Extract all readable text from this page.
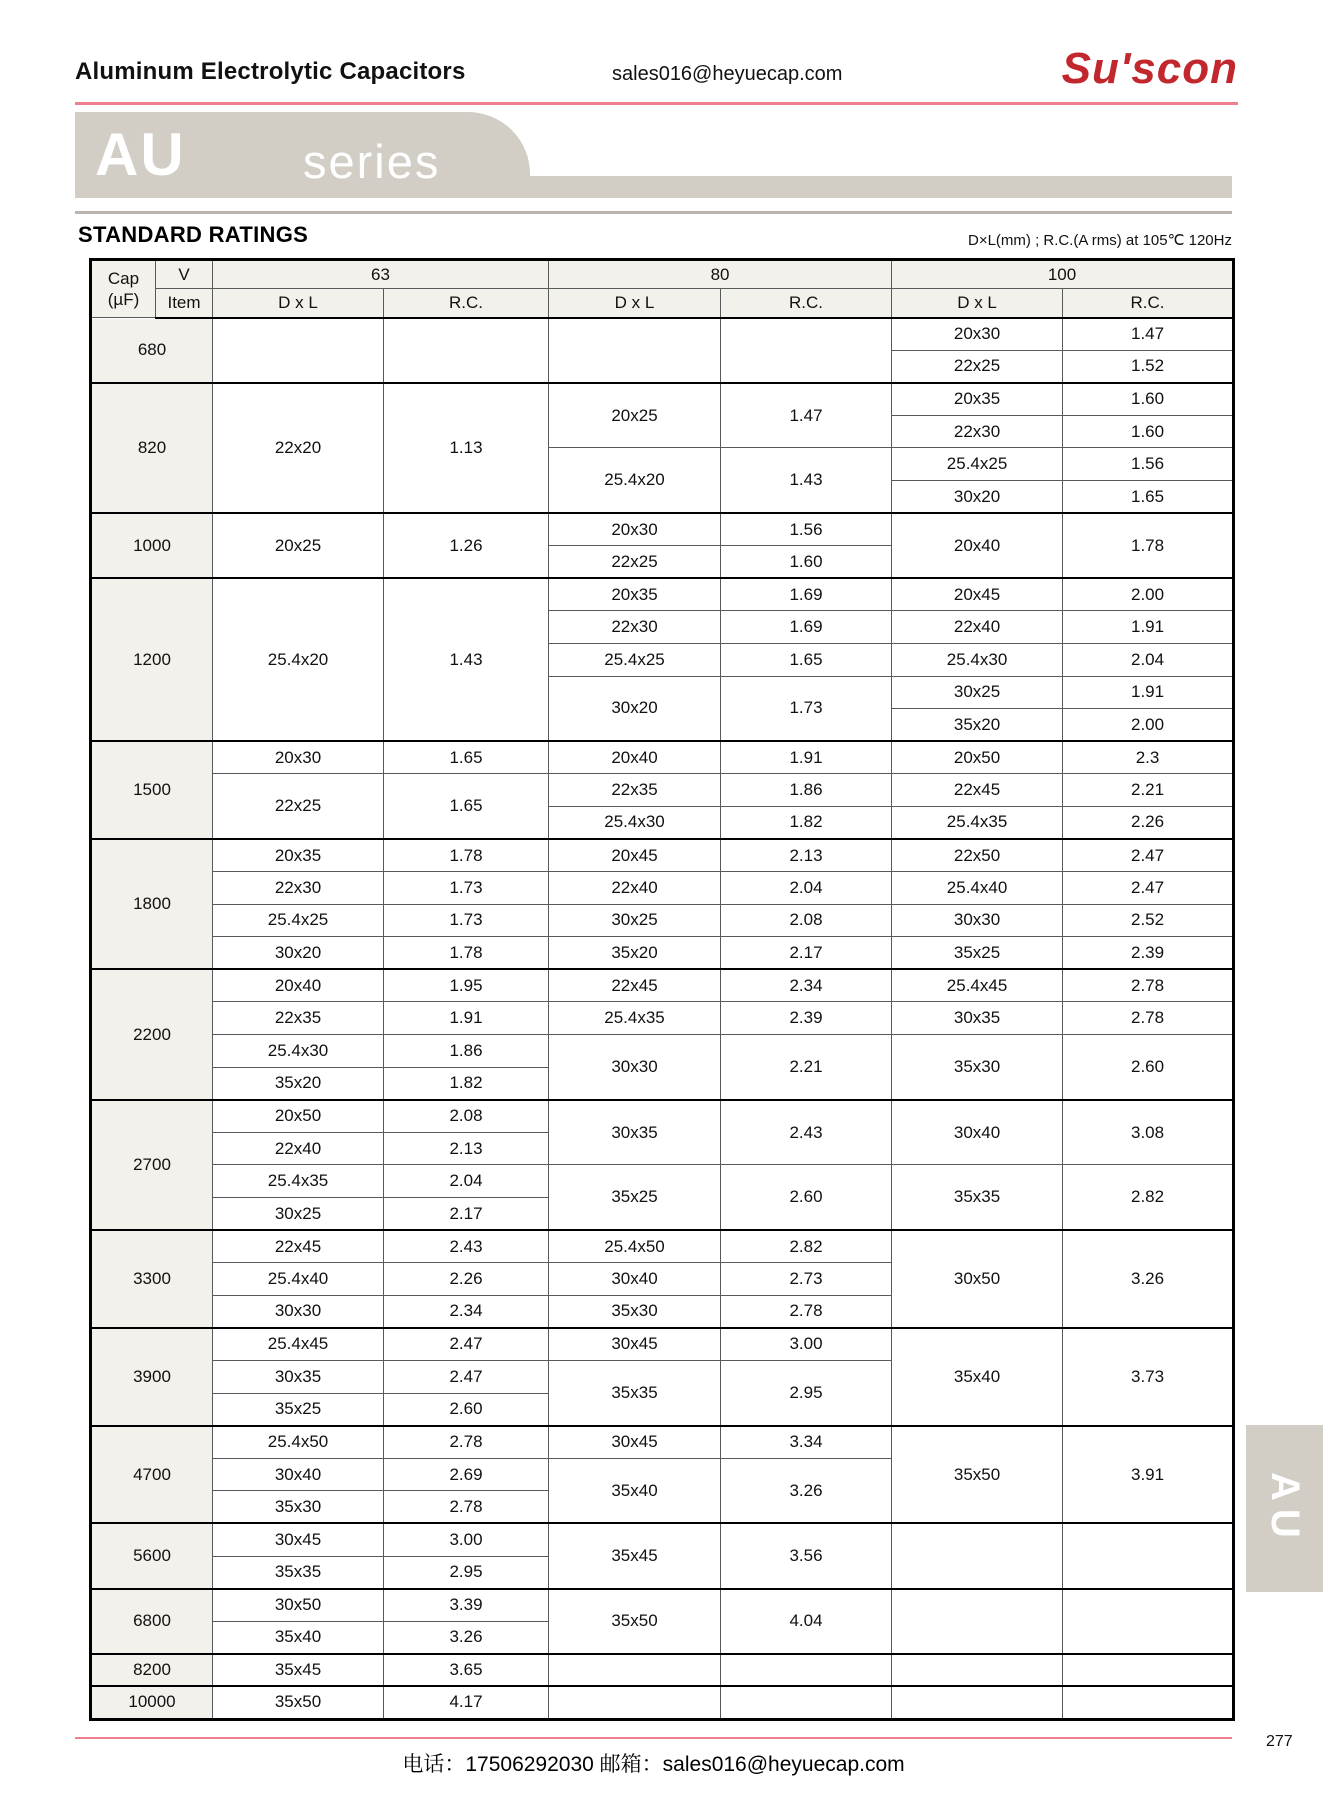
Aluminum Electrolytic Capacitors	sales016@heyuecap.com	Su'scon
AU series
STANDARD RATINGS	D×L(mm) ; R.C.(A rms) at 105℃ 120Hz
Cap
(µF)	V	63		80		100	
	Item	D x L	R.C.	D x L	R.C.	D x L	R.C.
680						20x30	1.47
						22x25	1.52
820		22x20	1.13	20x25	1.47	20x35	1.60
						22x30	1.60
				25.4x20	1.43	25.4x25	1.56
						30x20	1.65
1000		20x25	1.26	20x30	1.56	20x40	1.78
				22x25	1.60		
1200		25.4x20	1.43	20x35	1.69	20x45	2.00
				22x30	1.69	22x40	1.91
				25.4x25	1.65	25.4x30	2.04
				30x20	1.73	30x25	1.91
						35x20	2.00
1500		20x30	1.65	20x40	1.91	20x50	2.3
		22x25	1.65	22x35	1.86	22x45	2.21
				25.4x30	1.82	25.4x35	2.26
1800		20x35	1.78	20x45	2.13	22x50	2.47
		22x30	1.73	22x40	2.04	25.4x40	2.47
		25.4x25	1.73	30x25	2.08	30x30	2.52
		30x20	1.78	35x20	2.17	35x25	2.39
2200		20x40	1.95	22x45	2.34	25.4x45	2.78
		22x35	1.91	25.4x35	2.39	30x35	2.78
		25.4x30	1.86	30x30	2.21	35x30	2.60
		35x20	1.82				
2700		20x50	2.08	30x35	2.43	30x40	3.08
		22x40	2.13				
		25.4x35	2.04	35x25	2.60	35x35	2.82
		30x25	2.17				
3300		22x45	2.43	25.4x50	2.82	30x50	3.26
		25.4x40	2.26	30x40	2.73		
		30x30	2.34	35x30	2.78		
3900		25.4x45	2.47	30x45	3.00	35x40	3.73
		30x35	2.47	35x35	2.95		
		35x25	2.60				
4700		25.4x50	2.78	30x45	3.34	35x50	3.91
		30x40	2.69	35x40	3.26		
		35x30	2.78				
5600		30x45	3.00	35x45	3.56		
		35x35	2.95				
6800		30x50	3.39	35x50	4.04		
		35x40	3.26				
8200		35x45	3.65				
10000		35x50	4.17				
AU
电话：17506292030 邮箱：sales016@heyuecap.com
277
